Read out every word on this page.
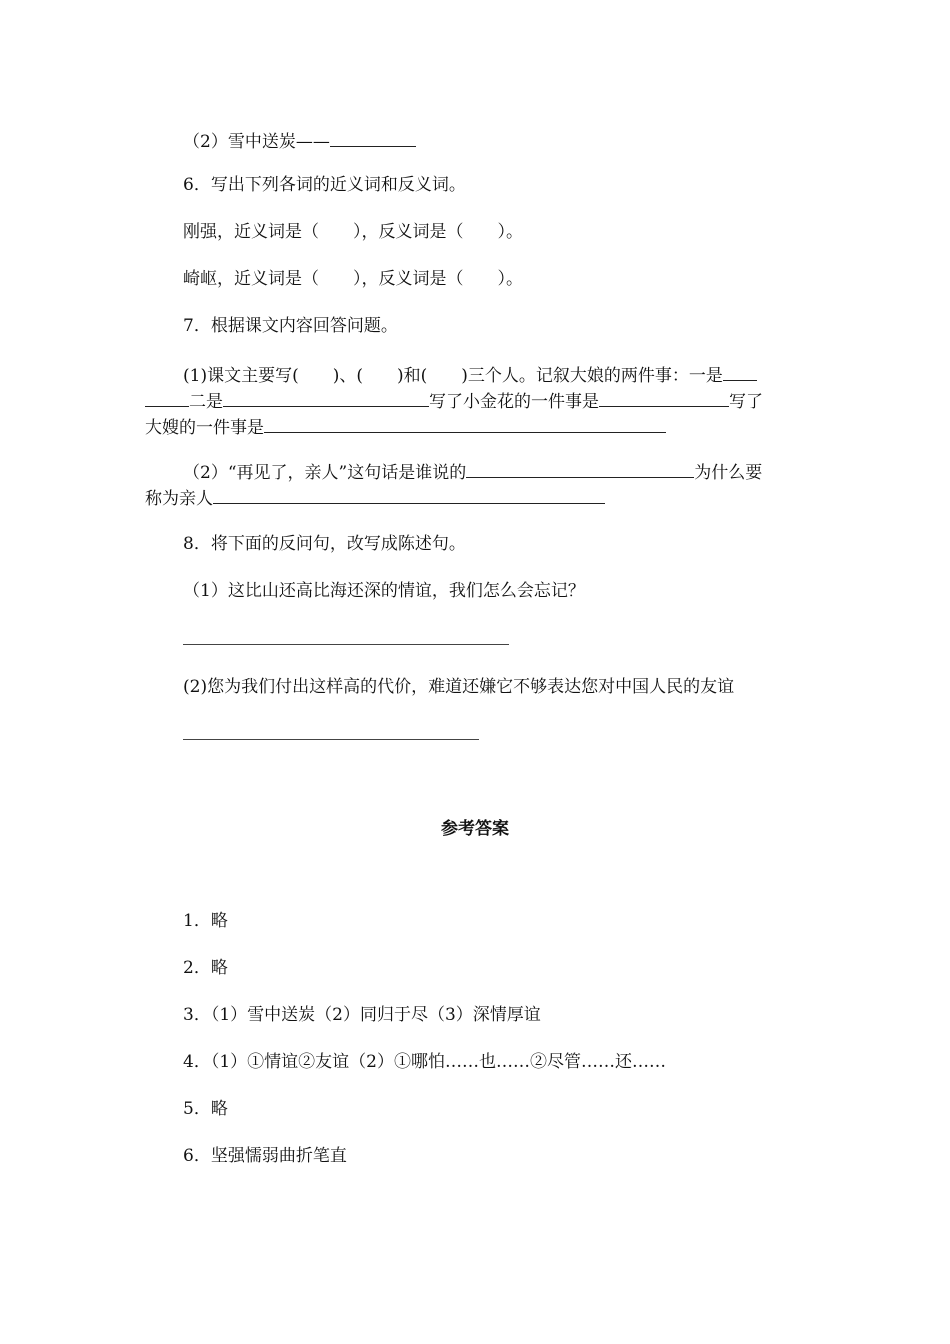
（2）雪中送炭——
6．写出下列各词的近义词和反义词。
刚强，近义词是（　　），反义词是（　　）。
崎岖，近义词是（　　），反义词是（　　）。
7．根据课文内容回答问题。
(1)课文主要写(　　)、(　　)和(　　)三个人。记叙大娘的两件事：一是
二是	写了小金花的一件事是	写了
大嫂的一件事是
（2）“再见了，亲人”这句话是谁说的	为什么要
称为亲人
8．将下面的反问句，改写成陈述句。
（1）这比山还高比海还深的情谊，我们怎么会忘记？
(2)您为我们付出这样高的代价，难道还嫌它不够表达您对中国人民的友谊
参考答案
1．略
2．略
3．（1）雪中送炭（2）同归于尽（3）深情厚谊
4．（1）①情谊②友谊（2）①哪怕……也……②尽管……还……
5．略
6．坚强懦弱曲折笔直
